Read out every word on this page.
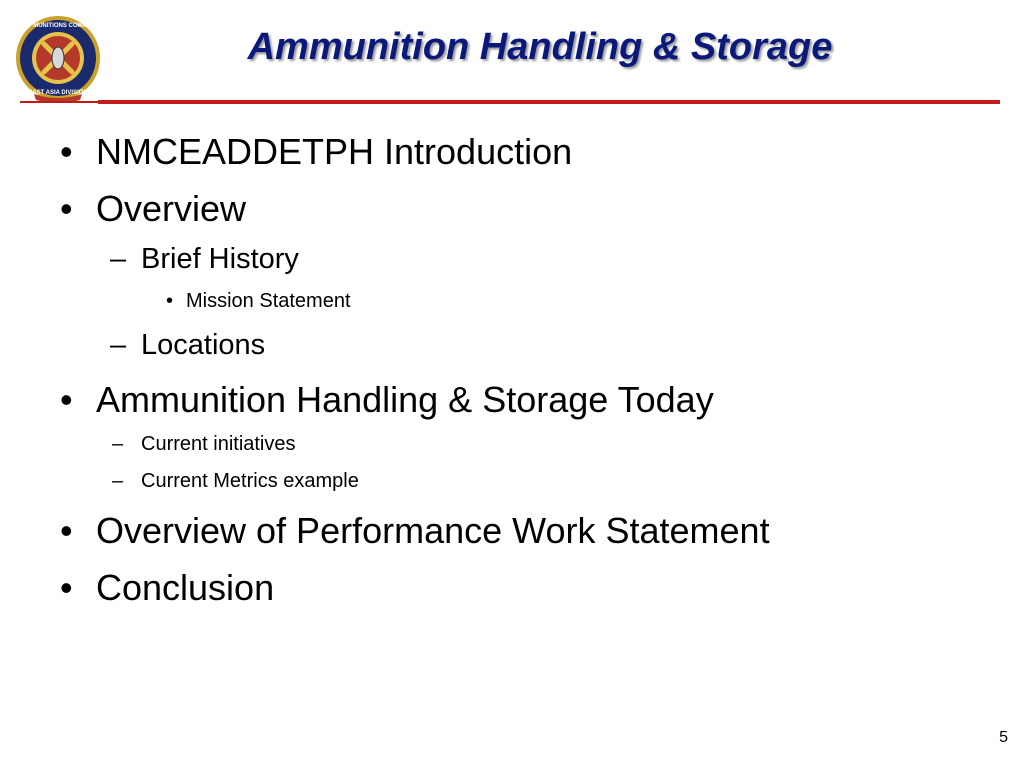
NAVY MUNITIONS COMMAND
EAST ASIA DIVISION
Ammunition Handling & Storage
• NMCEADDETPH Introduction
• Overview
– Brief History
• Mission Statement
– Locations
• Ammunition Handling & Storage Today
– Current initiatives
– Current Metrics example
• Overview of Performance Work Statement
• Conclusion
5
